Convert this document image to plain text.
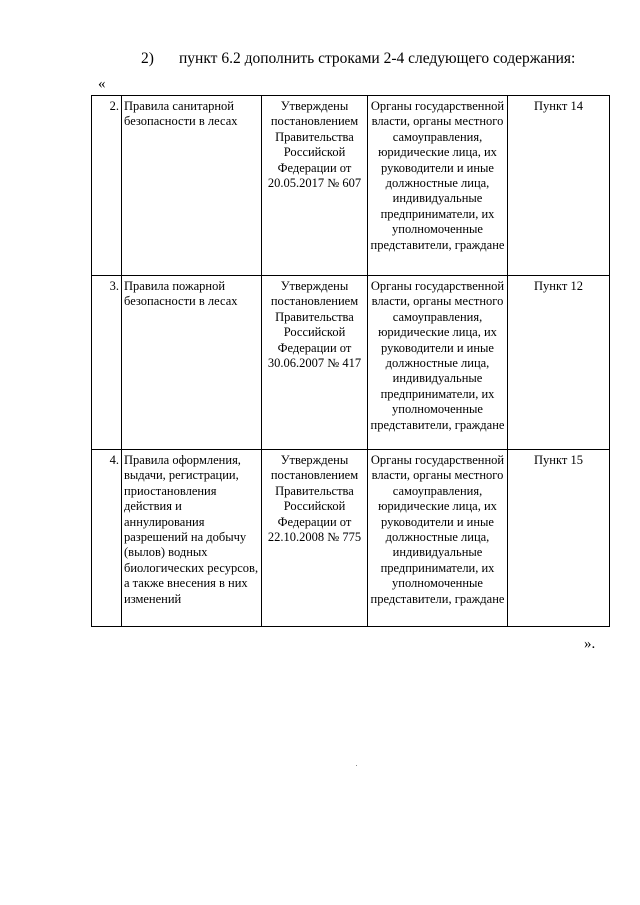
2) пункт 6.2 дополнить строками 2-4 следующего содержания:
«
2.	Правила санитарной безопасности в лесах	Утверждены постановлением Правительства Российской Федерации от 20.05.2017 № 607	Органы государственной власти, органы местного самоуправления, юридические лица, их руководители и иные должностные лица, индивидуальные предприниматели, их уполномоченные представители, граждане	Пункт 14
3.	Правила пожарной безопасности в лесах	Утверждены постановлением Правительства Российской Федерации от 30.06.2007 № 417	Органы государственной власти, органы местного самоуправления, юридические лица, их руководители и иные должностные лица, индивидуальные предприниматели, их уполномоченные представители, граждане	Пункт 12
4.	Правила оформления, выдачи, регистрации, приостановления действия и аннулирования разрешений на добычу (вылов) водных биологических ресурсов, а также внесения в них изменений	Утверждены постановлением Правительства Российской Федерации от 22.10.2008 № 775	Органы государственной власти, органы местного самоуправления, юридические лица, их руководители и иные должностные лица, индивидуальные предприниматели, их уполномоченные представители, граждане	Пункт 15
».
